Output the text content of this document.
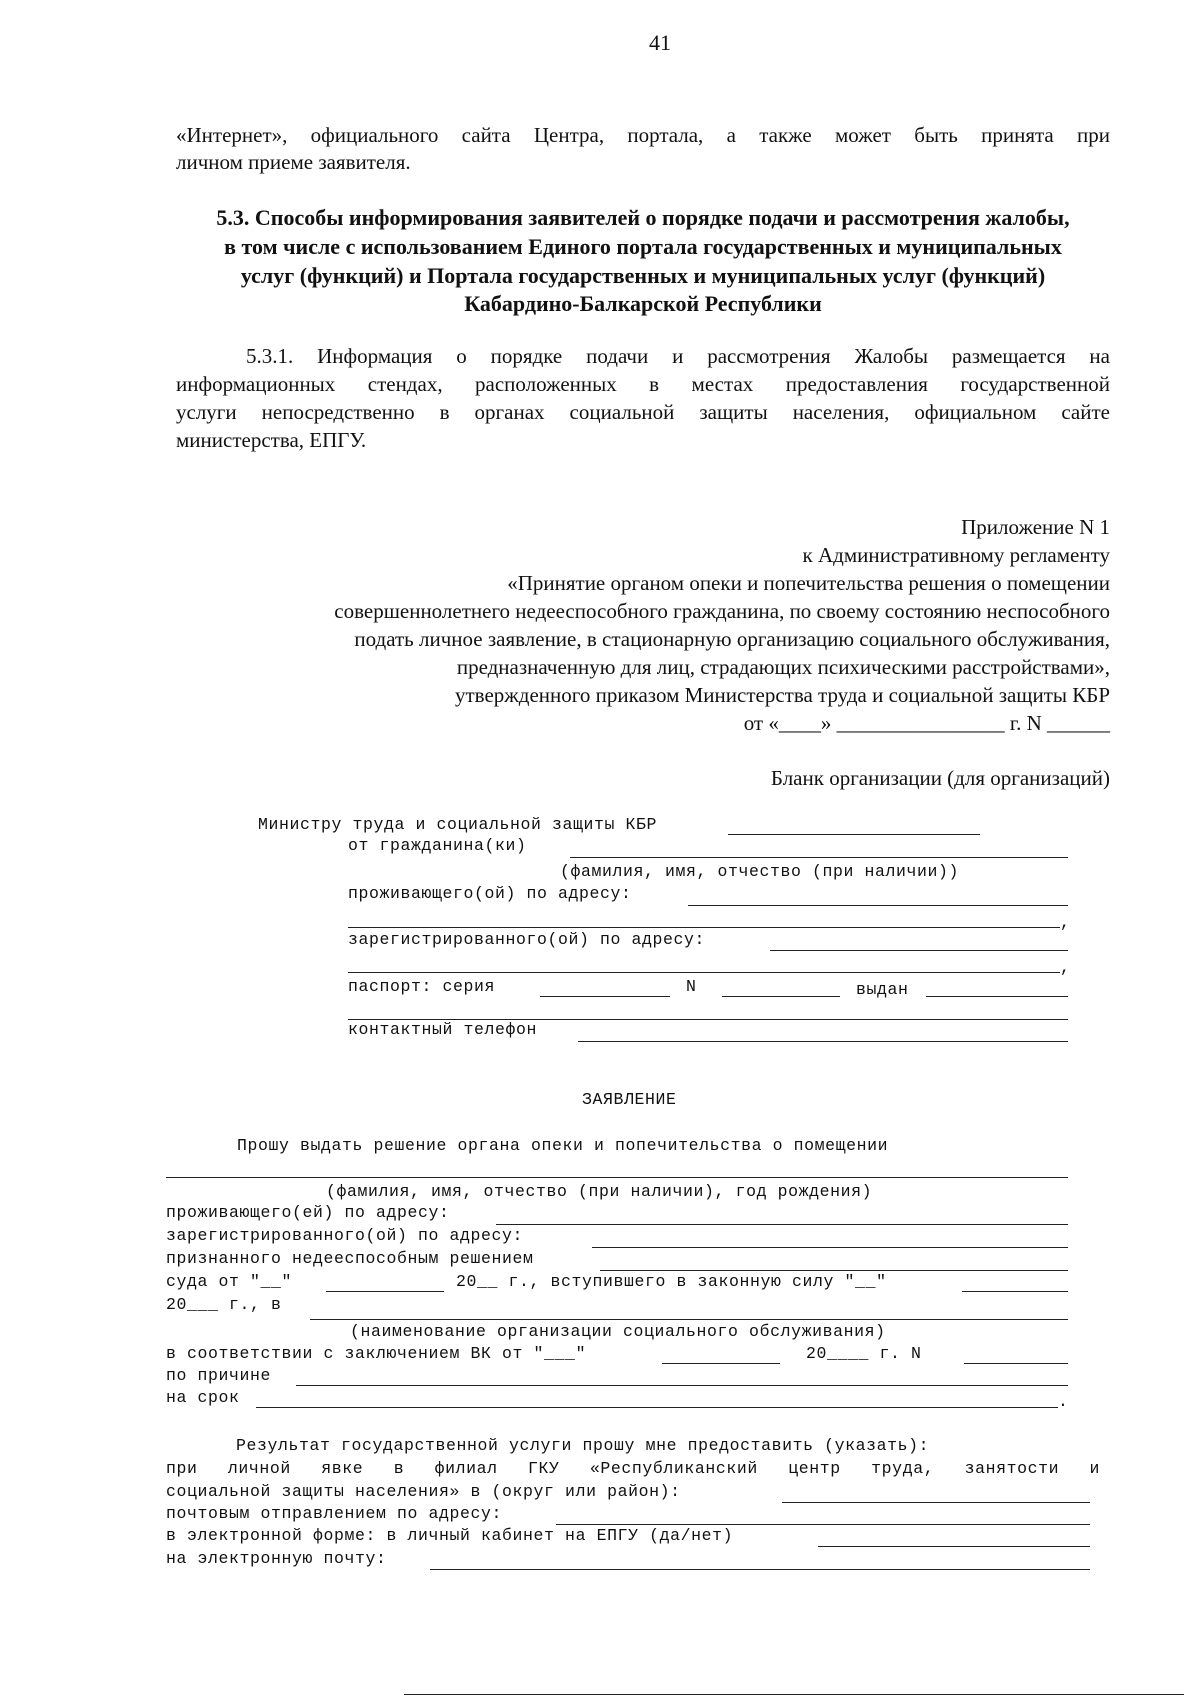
41
«Интернет», официального сайта Центра, портала, а также может быть принята при
личном приеме заявителя.
5.3. Способы информирования заявителей о порядке подачи и рассмотрения жалобы,
в том числе с использованием Единого портала государственных и муниципальных
услуг (функций) и Портала государственных и муниципальных услуг (функций)
Кабардино-Балкарской Республики
5.3.1. Информация о порядке подачи и рассмотрения Жалобы размещается на
информационных стендах, расположенных в местах предоставления государственной
услуги непосредственно в органах социальной защиты населения, официальном сайте
министерства, ЕПГУ.
Приложение N 1
к Административному регламенту
«Принятие органом опеки и попечительства решения о помещении
совершеннолетнего недееспособного гражданина, по своему состоянию неспособного
подать личное заявление, в стационарную организацию социального обслуживания,
предназначенную для лиц, страдающих психическими расстройствами»,
утвержденного приказом Министерства труда и социальной защиты КБР
от «____» ________________ г. N ______
Бланк организации (для организаций)
Министру труда и социальной защиты КБР
от гражданина(ки)
(фамилия, имя, отчество (при наличии))
проживающего(ой) по адресу:
,
зарегистрированного(ой) по адресу:
,
паспорт: серия	N	выдан
контактный телефон
ЗАЯВЛЕНИЕ
Прошу выдать решение органа опеки и попечительства о помещении
(фамилия, имя, отчество (при наличии), год рождения)
проживающего(ей) по адресу:
зарегистрированного(ой) по адресу:
признанного недееспособным решением
суда от "__"	20__ г., вступившего в законную силу "__"
20___ г., в
(наименование организации социального обслуживания)
в соответствии с заключением ВК от "___"	20____ г. N
по причине
на срок	.
Результат государственной услуги прошу мне предоставить (указать):
при личной явке в филиал ГКУ «Республиканский центр труда, занятости и
социальной защиты населения» в (округ или район):
почтовым отправлением по адресу:
в электронной форме: в личный кабинет на ЕПГУ (да/нет)
на электронную почту:
